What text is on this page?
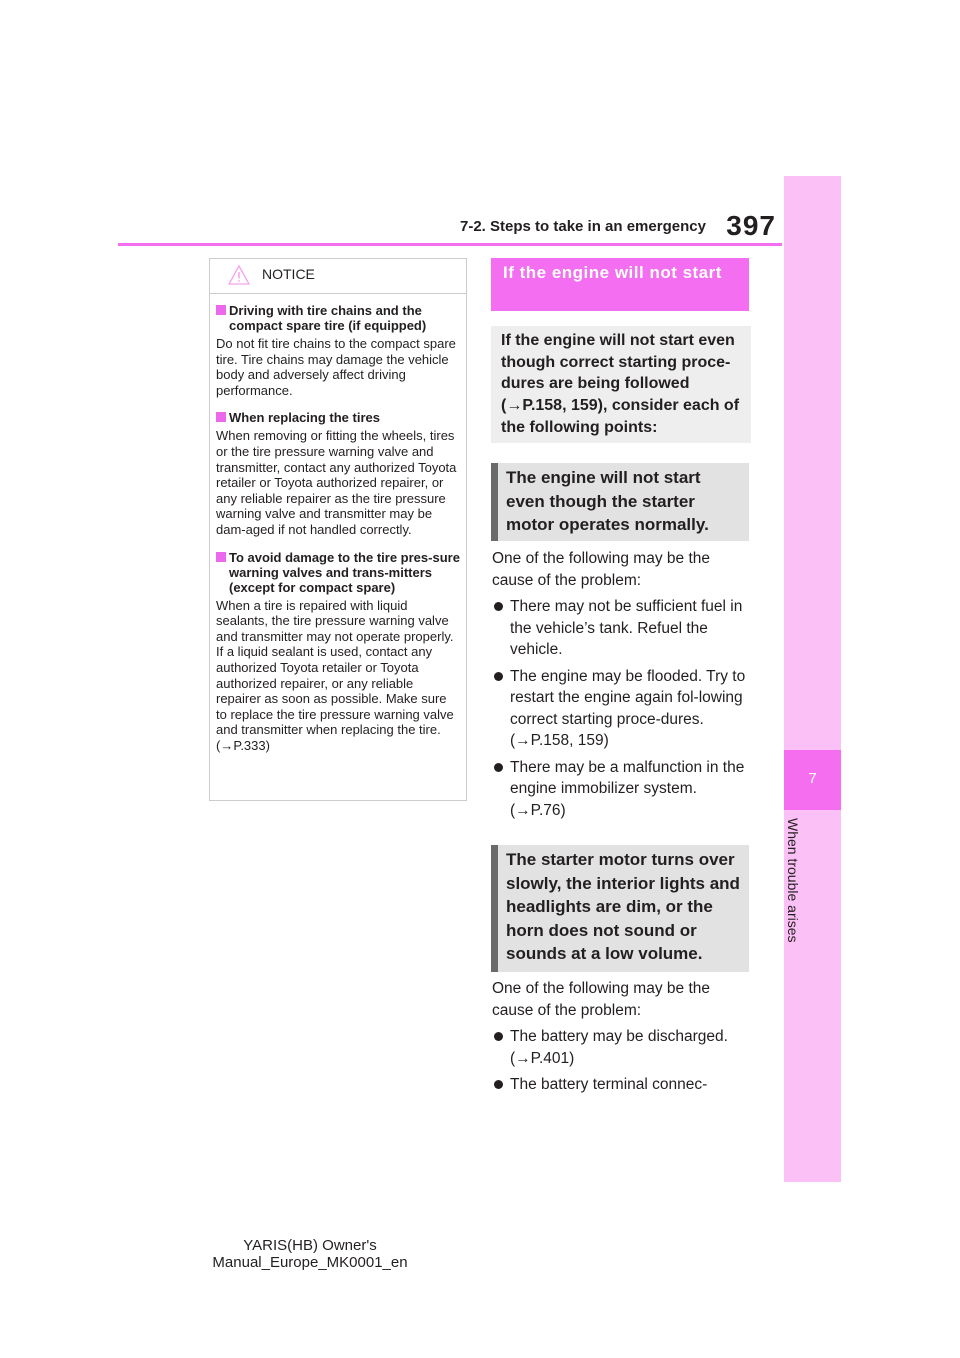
7
When trouble arises
7-2. Steps to take in an emergency 397
NOTICE
Driving with tire chains and the compact spare tire (if equipped)
Do not fit tire chains to the compact spare tire. Tire chains may damage the vehicle body and adversely affect driving performance.
When replacing the tires
When removing or fitting the wheels, tires or the tire pressure warning valve and transmitter, contact any authorized Toyota retailer or Toyota authorized repairer, or any reliable repairer as the tire pressure warning valve and transmitter may be dam-aged if not handled correctly.
To avoid damage to the tire pres-sure warning valves and trans-mitters (except for compact spare)
When a tire is repaired with liquid sealants, the tire pressure warning valve and transmitter may not operate properly. If a liquid sealant is used, contact any authorized Toyota retailer or Toyota authorized repairer, or any reliable repairer as soon as possible. Make sure to replace the tire pressure warning valve and transmitter when replacing the tire. (→P.333)
If the engine will not start
If the engine will not start even though correct starting proce-dures are being followed (→P.158, 159), consider each of the following points:
The engine will not start even though the starter motor operates normally.

One of the following may be the cause of the problem:

There may not be sufficient fuel in the vehicle’s tank. Refuel the vehicle.

The engine may be flooded. Try to restart the engine again fol-lowing correct starting proce-dures. (→P.158, 159)

There may be a malfunction in the engine immobilizer system. (→P.76)

The starter motor turns over slowly, the interior lights and headlights are dim, or the horn does not sound or sounds at a low volume.

One of the following may be the cause of the problem:

The battery may be discharged. (→P.401)

The battery terminal connec-

YARIS(HB) Owner's Manual_Europe_MK0001_en
